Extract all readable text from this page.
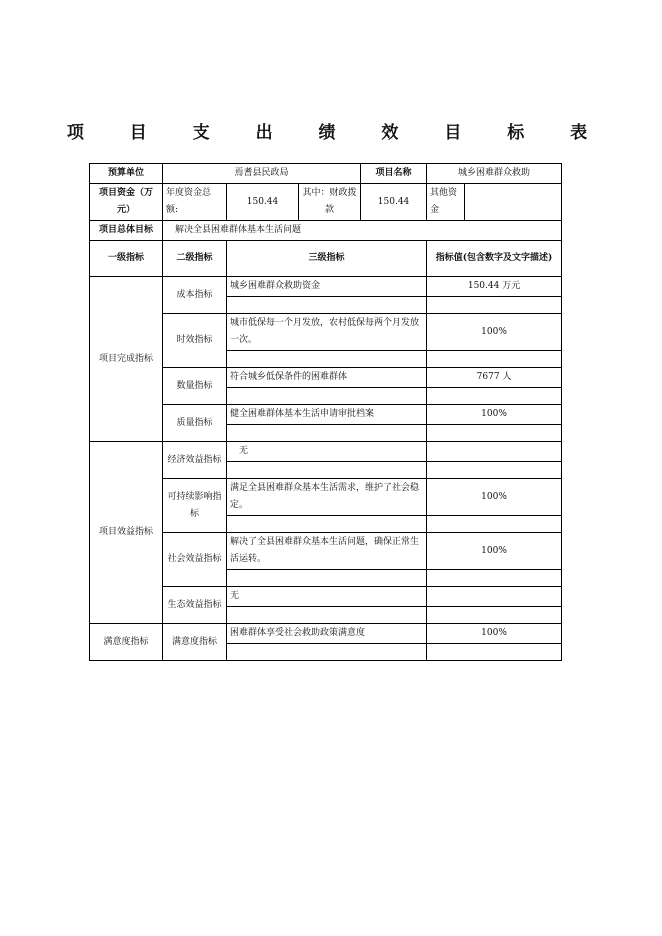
项 目 支 出 绩 效 目 标 表
预算单位	焉耆县民政局			项目名称	城乡困难群众救助	
项目资金（万元）	年度资金总额:	150.44	其中：财政拨款	150.44	其他资金	
项目总体目标	解决全县困难群体基本生活问题					
一级指标	二级指标	三级指标			指标值(包含数字及文字描述)	
项目完成指标	成本指标	城乡困难群众救助资金			150.44 万元	

	时效指标	城市低保每一个月发放，农村低保每两个月发放一次。			100%	

	数量指标	符合城乡低保条件的困难群体			7677 人	

	质量指标	健全困难群体基本生活申请审批档案			100%	

项目效益指标	经济效益指标	无				

	可持续影响指标	满足全县困难群众基本生活需求，维护了社会稳定。			100%	

	社会效益指标	解决了全县困难群众基本生活问题，确保正常生活运转。			100%	

	生态效益指标	无				

满意度指标	满意度指标	困难群体享受社会救助政策满意度			100%	
